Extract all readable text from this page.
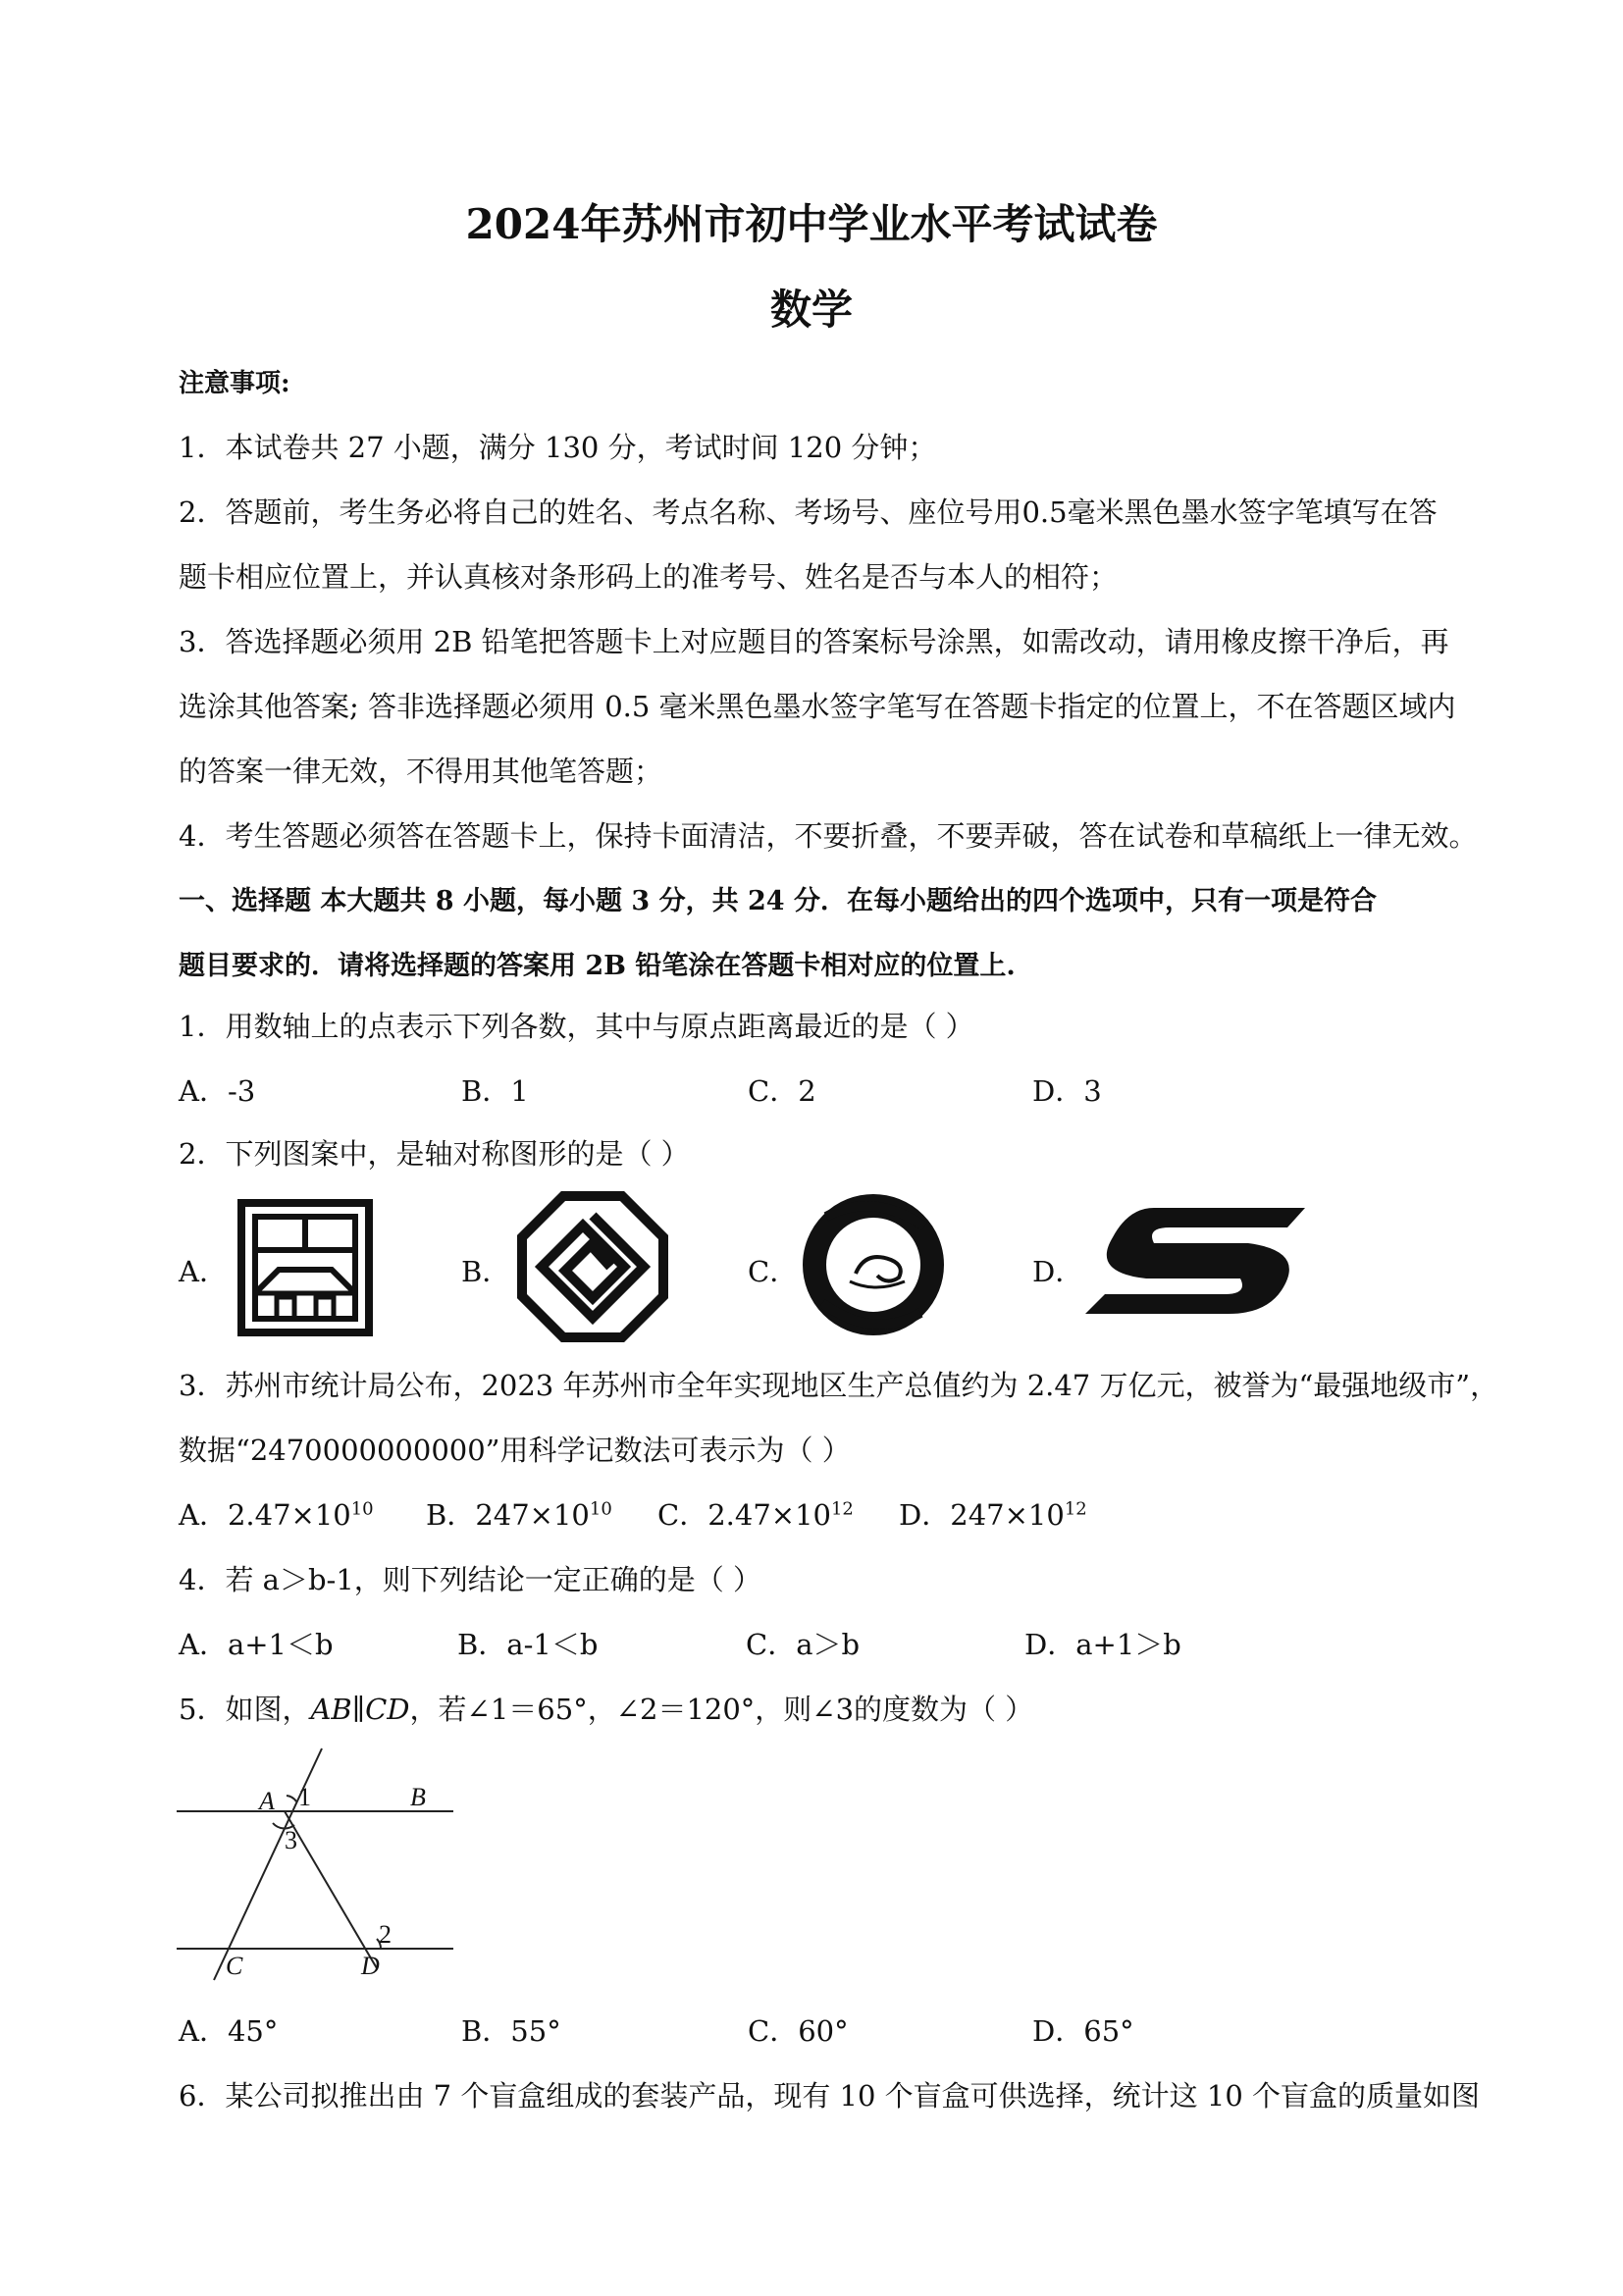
2024年苏州市初中学业水平考试试卷
数学
注意事项:
1．本试卷共 27 小题，满分 130 分，考试时间 120 分钟；
2．答题前，考生务必将自己的姓名、考点名称、考场号、座位号用0.5毫米黑色墨水签字笔填写在答
题卡相应位置上，并认真核对条形码上的准考号、姓名是否与本人的相符；
3．答选择题必须用 2B 铅笔把答题卡上对应题目的答案标号涂黑，如需改动，请用橡皮擦干净后，再
选涂其他答案; 答非选择题必须用 0.5 毫米黑色墨水签字笔写在答题卡指定的位置上，不在答题区域内
的答案一律无效，不得用其他笔答题；
4．考生答题必须答在答题卡上，保持卡面清洁，不要折叠，不要弄破，答在试卷和草稿纸上一律无效。
一、选择题 本大题共 8 小题，每小题 3 分，共 24 分．在每小题给出的四个选项中，只有一项是符合
题目要求的．请将选择题的答案用 2B 铅笔涂在答题卡相对应的位置上.
1．用数轴上的点表示下列各数，其中与原点距离最近的是（ ）
A．-3	B．1	C．2	D．3
2．下列图案中，是轴对称图形的是（ ）
A．	B．	C．	D．
3．苏州市统计局公布，2023 年苏州市全年实现地区生产总值约为 2.47 万亿元，被誉为“最强地级市”，
数据“2470000000000”用科学记数法可表示为（ ）
A．$2.47\times 10^{10}$ B．$247\times 10^{10}$ C．$2.47\times 10^{12}$ D．$247\times 10^{12}$
4．若 a＞b-1，则下列结论一定正确的是（ ）
A．a+1＜b	B．a-1＜b	C．a＞b	D．a+1＞b
5．如图，AB∥CD，若∠1＝65°，∠2＝120°，则∠3的度数为（ ）
A 1	B
3
2
C	D
A．45°	B．55°	C．60°	D．65°
6．某公司拟推出由 7 个盲盒组成的套装产品，现有 10 个盲盒可供选择，统计这 10 个盲盒的质量如图
